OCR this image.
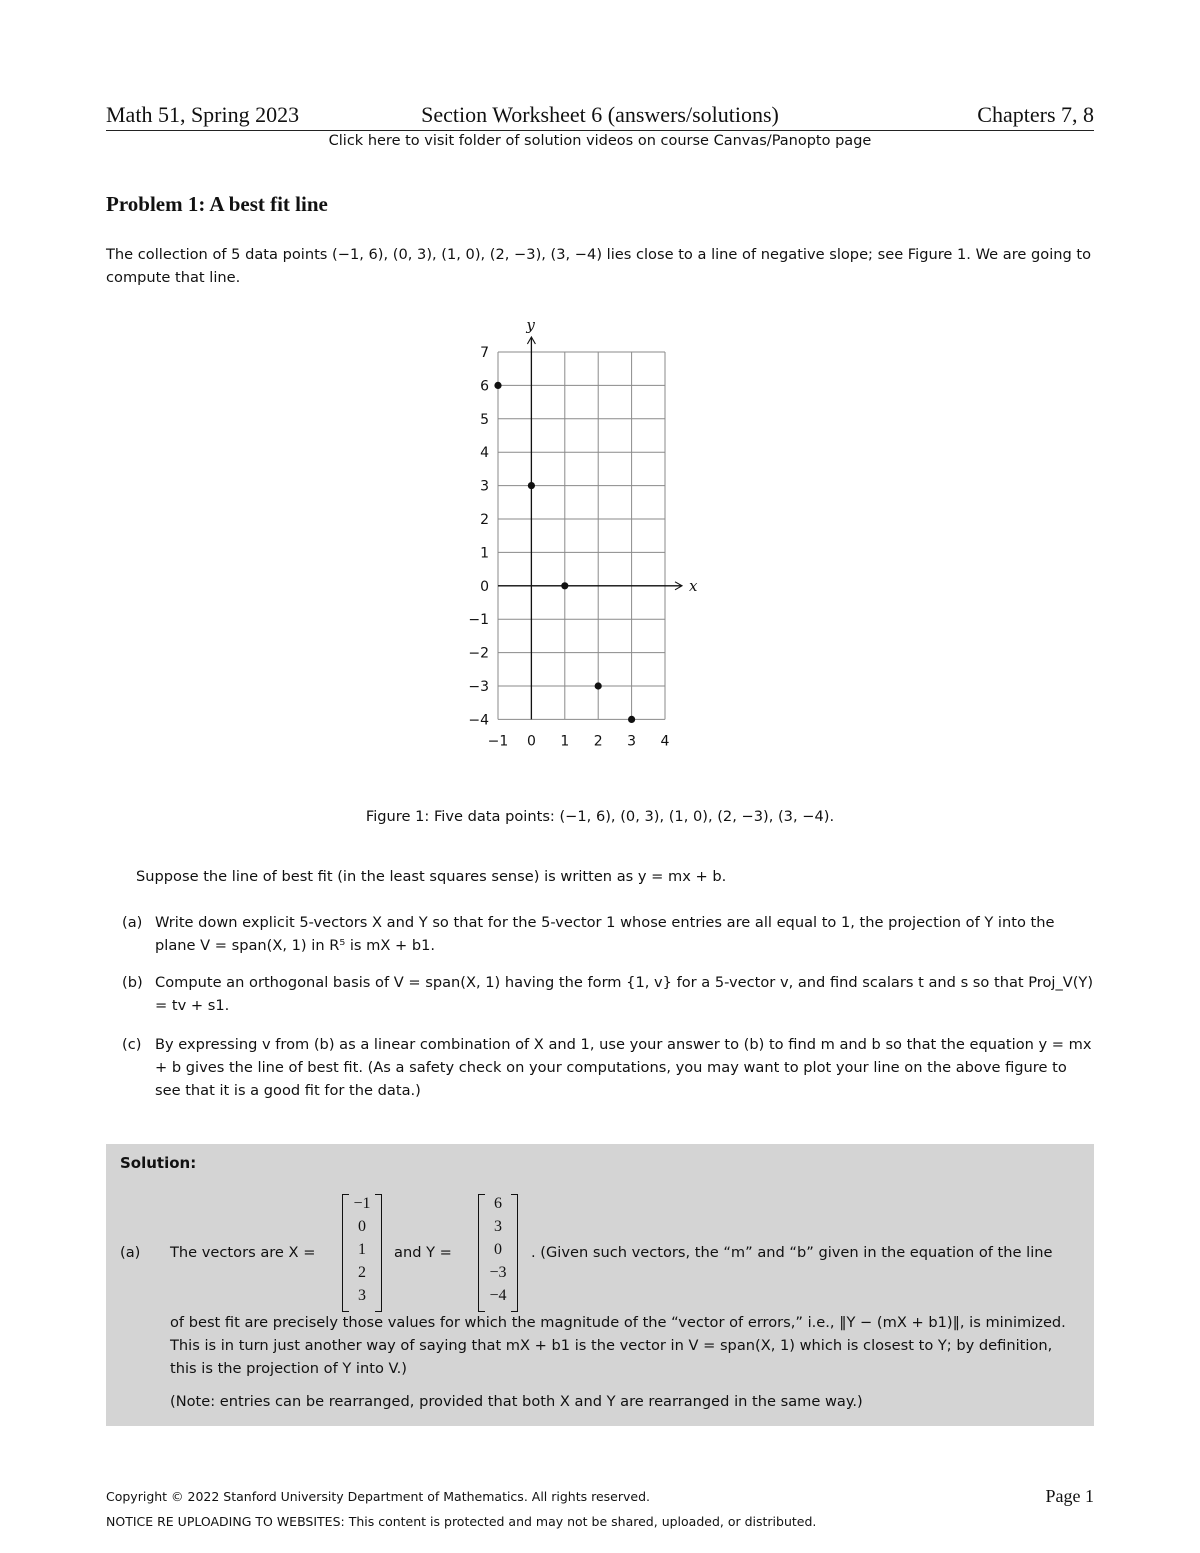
Math 51, Spring 2023	Section Worksheet 6 (answers/solutions)	Chapters 7, 8
Click here to visit folder of solution videos on course Canvas/Panopto page
Problem 1: A best fit line
The collection of 5 data points (−1, 6), (0, 3), (1, 0), (2, −3), (3, −4) lies close to a line of negative slope; see Figure 1. We are going to compute that line.
x
y
7
6
5
4
3
2
1
0
−1
−2
−3
−4
−1 0 1 2 3 4
Figure 1: Five data points: (−1, 6), (0, 3), (1, 0), (2, −3), (3, −4).
Suppose the line of best fit (in the least squares sense) is written as y = mx + b.
(a) Write down explicit 5-vectors X and Y so that for the 5-vector 1 whose entries are all equal to 1, the projection of Y into the plane V = span(X, 1) in R⁵ is mX + b1.
(b) Compute an orthogonal basis of V = span(X, 1) having the form {1, v} for a 5-vector v, and find scalars t and s so that Proj_V(Y) = tv + s1.
(c) By expressing v from (b) as a linear combination of X and 1, use your answer to (b) to find m and b so that the equation y = mx + b gives the line of best fit. (As a safety check on your computations, you may want to plot your line on the above figure to see that it is a good fit for the data.)
Solution:
(a) The vectors are X =
−1
0
1
2
3
and Y =
6
3
0
−3
−4
. (Given such vectors, the “m” and “b” given in the equation of the line
of best fit are precisely those values for which the magnitude of the “vector of errors,” i.e., ‖Y − (mX + b1)‖, is minimized. This is in turn just another way of saying that mX + b1 is the vector in V = span(X, 1) which is closest to Y; by definition, this is the projection of Y into V.)
(Note: entries can be rearranged, provided that both X and Y are rearranged in the same way.)
Copyright © 2022 Stanford University Department of Mathematics. All rights reserved.	Page 1
NOTICE RE UPLOADING TO WEBSITES: This content is protected and may not be shared, uploaded, or distributed.
